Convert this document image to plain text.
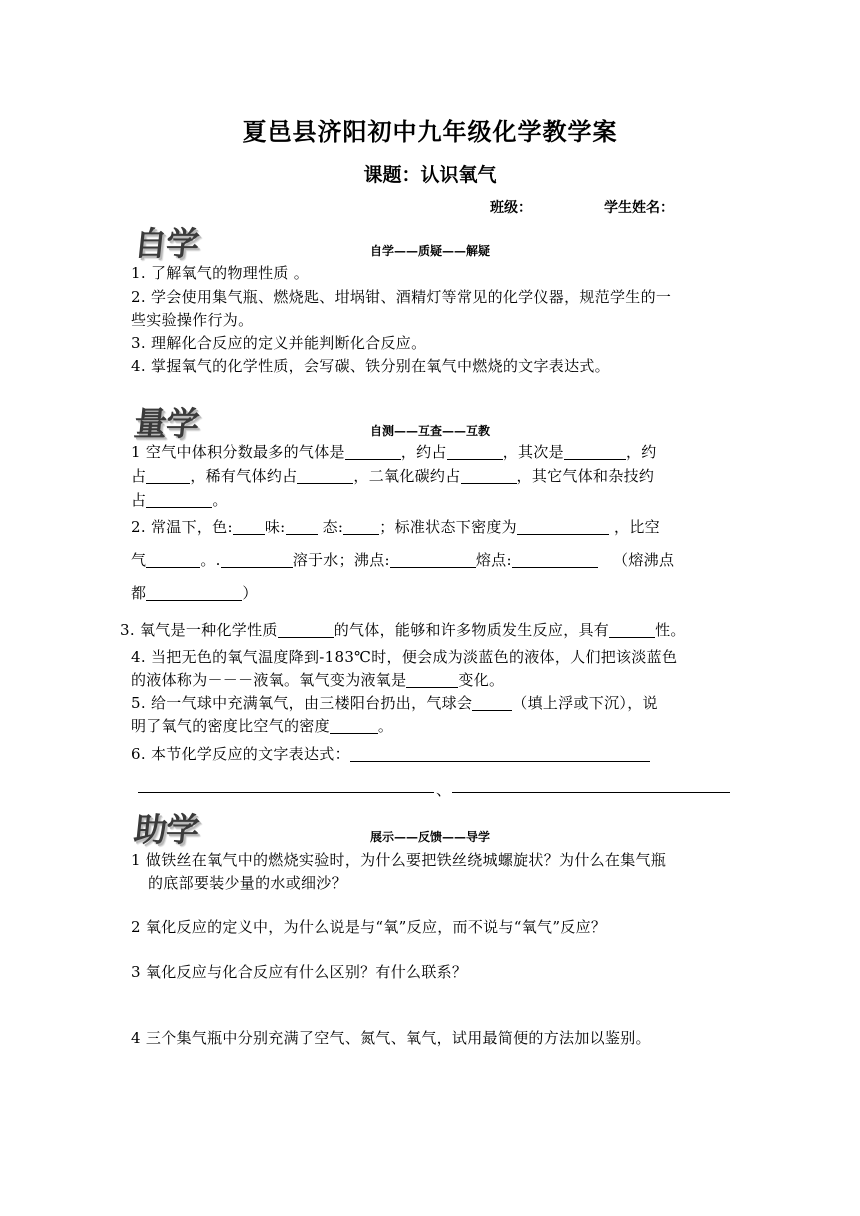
夏邑县济阳初中九年级化学教学案
课题：认识氧气
班级：	学生姓名：
自学	自学——质疑——解疑
1. 了解氧气的物理性质 。
2. 学会使用集气瓶、燃烧匙、坩埚钳、酒精灯等常见的化学仪器，规范学生的一
些实验操作行为。
3. 理解化合反应的定义并能判断化合反应。
4. 掌握氧气的化学性质，会写碳、铁分别在氧气中燃烧的文字表达式。
量学	自测——互查——互教
1 空气中体积分数最多的气体是	，约占	，其次是	，约
占	，稀有气体约占	，二氧化碳约占	，其它气体和杂技约
占	。
2. 常温下，色: 味: 态: ；标准状态下密度为	，比空
气	。.	溶于水；沸点:	熔点:	（熔沸点
都	）
3. 氧气是一种化学性质	的气体，能够和许多物质发生反应，具有	性。
4. 当把无色的氧气温度降到-183℃时，便会成为淡蓝色的液体，人们把该淡蓝色
的液体称为－－－液氧。氧气变为液氧是	变化。
5. 给一气球中充满氧气，由三楼阳台扔出，气球会	（填上浮或下沉），说
明了氧气的密度比空气的密度	。
6. 本节化学反应的文字表达式：
、
助学	展示——反馈——导学
1 做铁丝在氧气中的燃烧实验时，为什么要把铁丝绕城螺旋状？为什么在集气瓶
的底部要装少量的水或细沙？
2 氧化反应的定义中，为什么说是与“氧”反应，而不说与“氧气”反应？
3 氧化反应与化合反应有什么区别？有什么联系？
4 三个集气瓶中分别充满了空气、氮气、氧气，试用最简便的方法加以鉴别。
